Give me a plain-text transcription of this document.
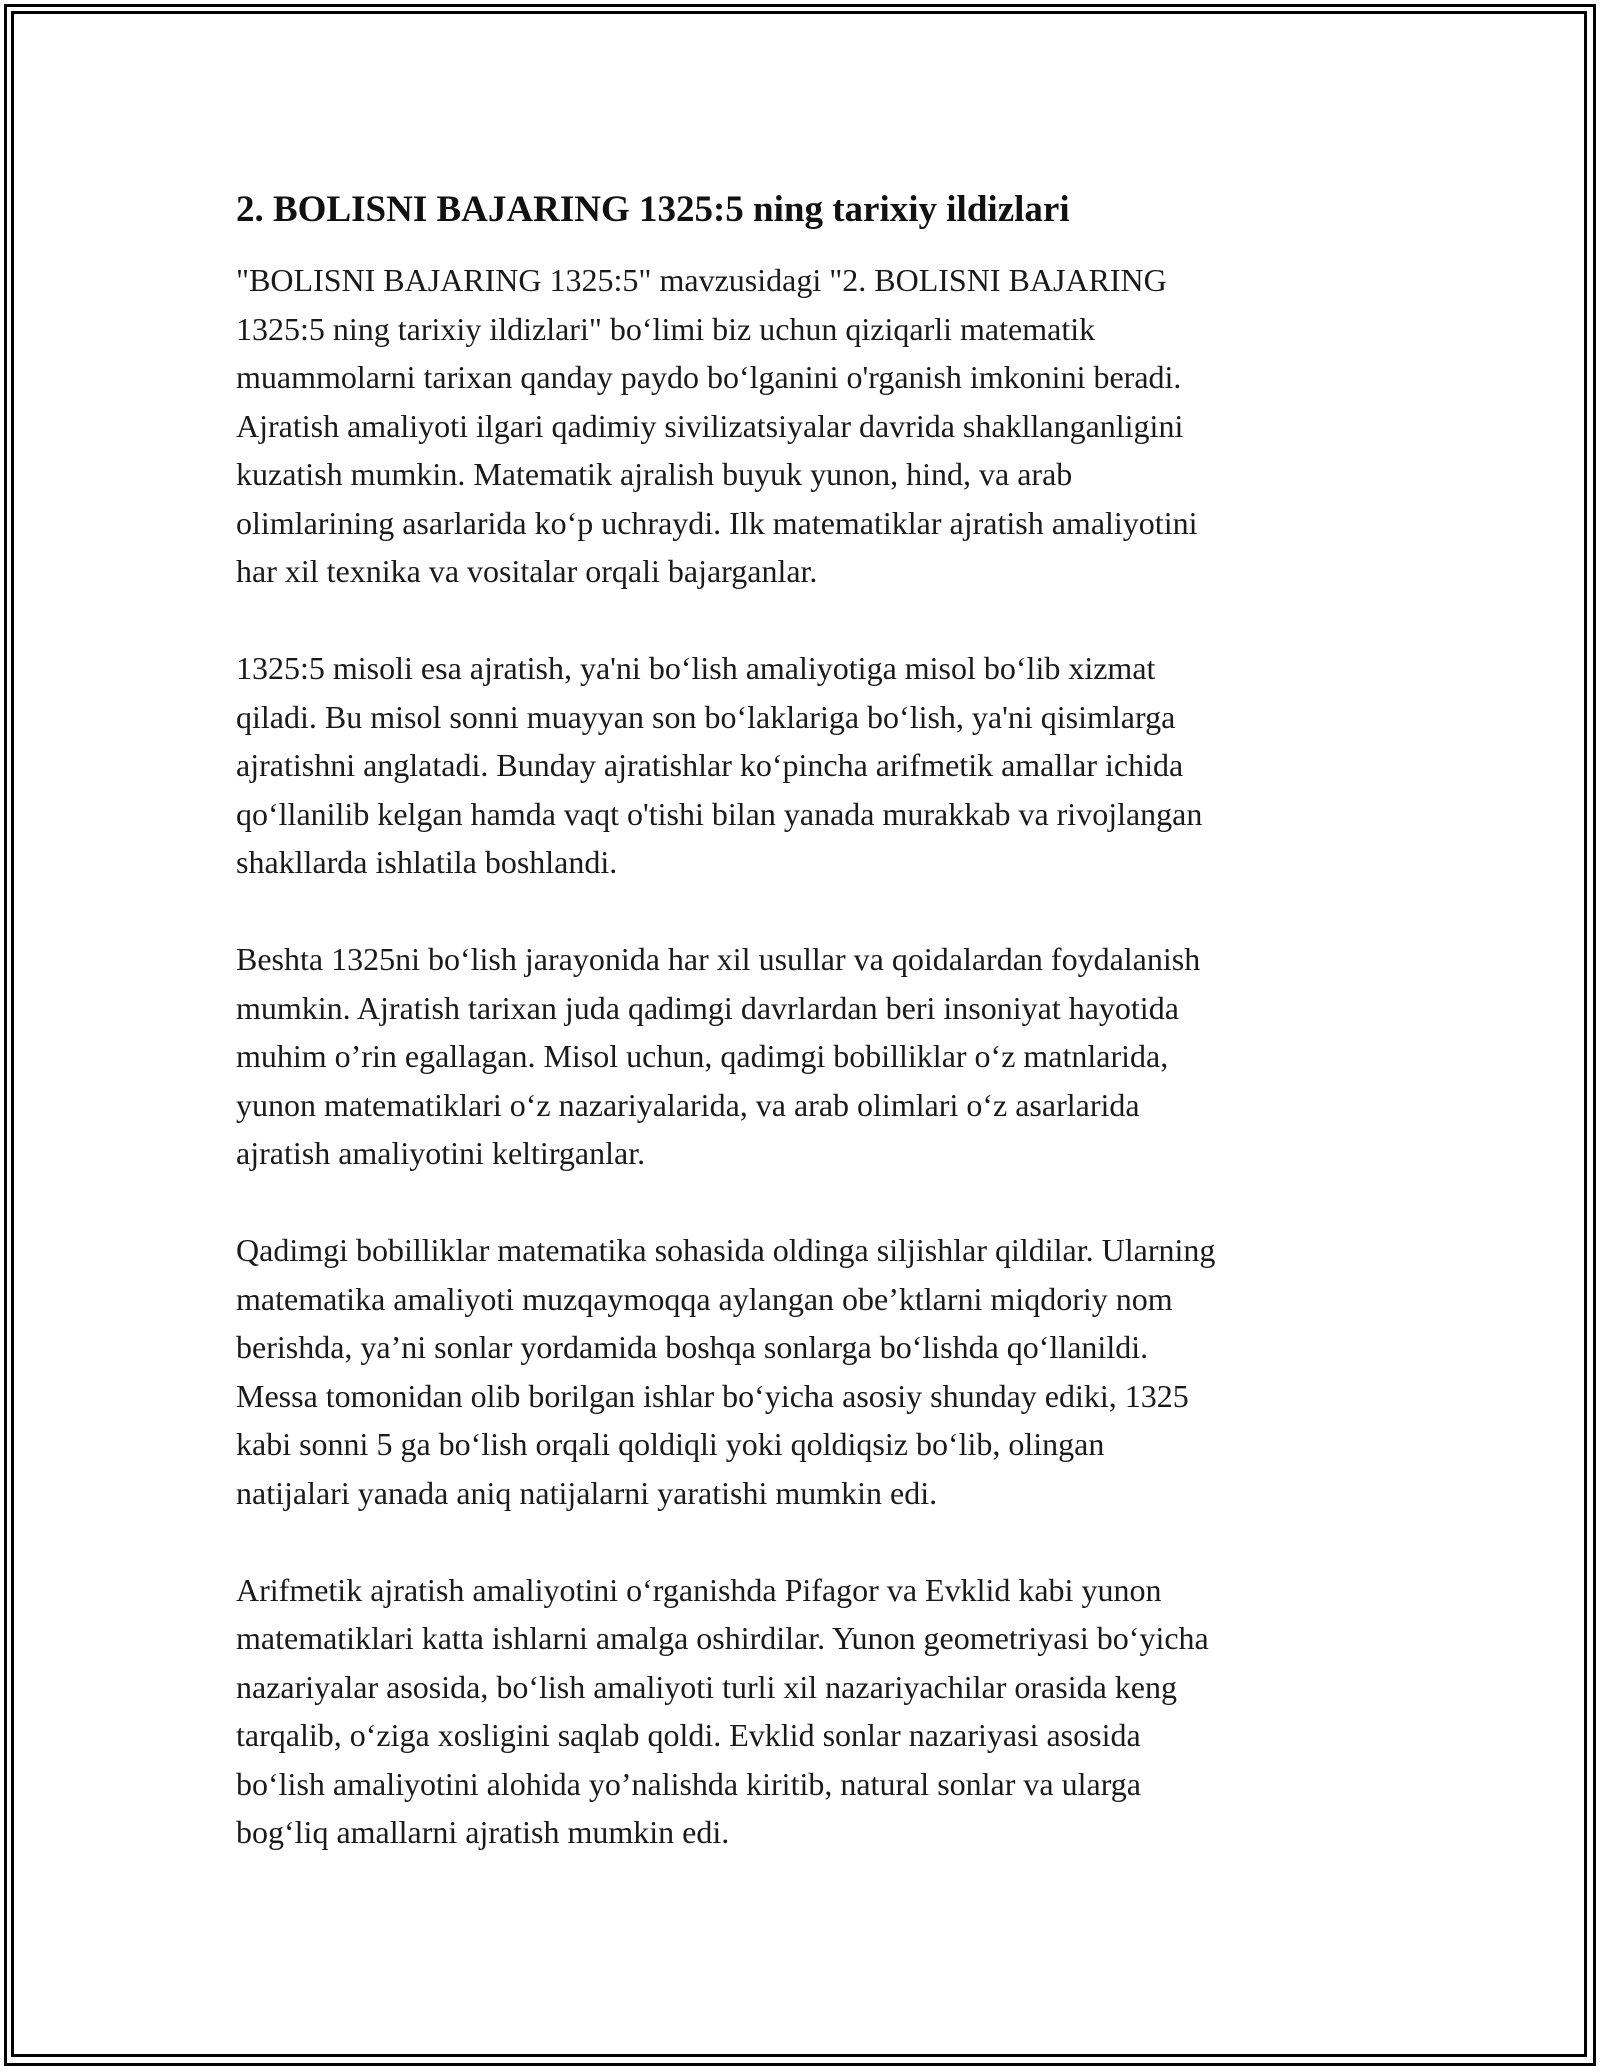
2. BOLISNI BAJARING 1325:5 ning tarixiy ildizlari

"BOLISNI BAJARING 1325:5" mavzusidagi "2. BOLISNI BAJARING
1325:5 ning tarixiy ildizlari" bo‘limi biz uchun qiziqarli matematik
muammolarni tarixan qanday paydo bo‘lganini o'rganish imkonini beradi.
Ajratish amaliyoti ilgari qadimiy sivilizatsiyalar davrida shakllanganligini
kuzatish mumkin. Matematik ajralish buyuk yunon, hind, va arab
olimlarining asarlarida ko‘p uchraydi. Ilk matematiklar ajratish amaliyotini
har xil texnika va vositalar orqali bajarganlar.

1325:5 misoli esa ajratish, ya'ni bo‘lish amaliyotiga misol bo‘lib xizmat
qiladi. Bu misol sonni muayyan son bo‘laklariga bo‘lish, ya'ni qisimlarga
ajratishni anglatadi. Bunday ajratishlar ko‘pincha arifmetik amallar ichida
qo‘llanilib kelgan hamda vaqt o'tishi bilan yanada murakkab va rivojlangan
shakllarda ishlatila boshlandi.

Beshta 1325ni bo‘lish jarayonida har xil usullar va qoidalardan foydalanish
mumkin. Ajratish tarixan juda qadimgi davrlardan beri insoniyat hayotida
muhim o’rin egallagan. Misol uchun, qadimgi bobilliklar o‘z matnlarida,
yunon matematiklari o‘z nazariyalarida, va arab olimlari o‘z asarlarida
ajratish amaliyotini keltirganlar.

Qadimgi bobilliklar matematika sohasida oldinga siljishlar qildilar. Ularning
matematika amaliyoti muzqaymoqqa aylangan obe’ktlarni miqdoriy nom
berishda, ya’ni sonlar yordamida boshqa sonlarga bo‘lishda qo‘llanildi.
Messa tomonidan olib borilgan ishlar bo‘yicha asosiy shunday ediki, 1325
kabi sonni 5 ga bo‘lish orqali qoldiqli yoki qoldiqsiz bo‘lib, olingan
natijalari yanada aniq natijalarni yaratishi mumkin edi.

Arifmetik ajratish amaliyotini o‘rganishda Pifagor va Evklid kabi yunon
matematiklari katta ishlarni amalga oshirdilar. Yunon geometriyasi bo‘yicha
nazariyalar asosida, bo‘lish amaliyoti turli xil nazariyachilar orasida keng
tarqalib, o‘ziga xosligini saqlab qoldi. Evklid sonlar nazariyasi asosida
bo‘lish amaliyotini alohida yo’nalishda kiritib, natural sonlar va ularga
bog‘liq amallarni ajratish mumkin edi.
